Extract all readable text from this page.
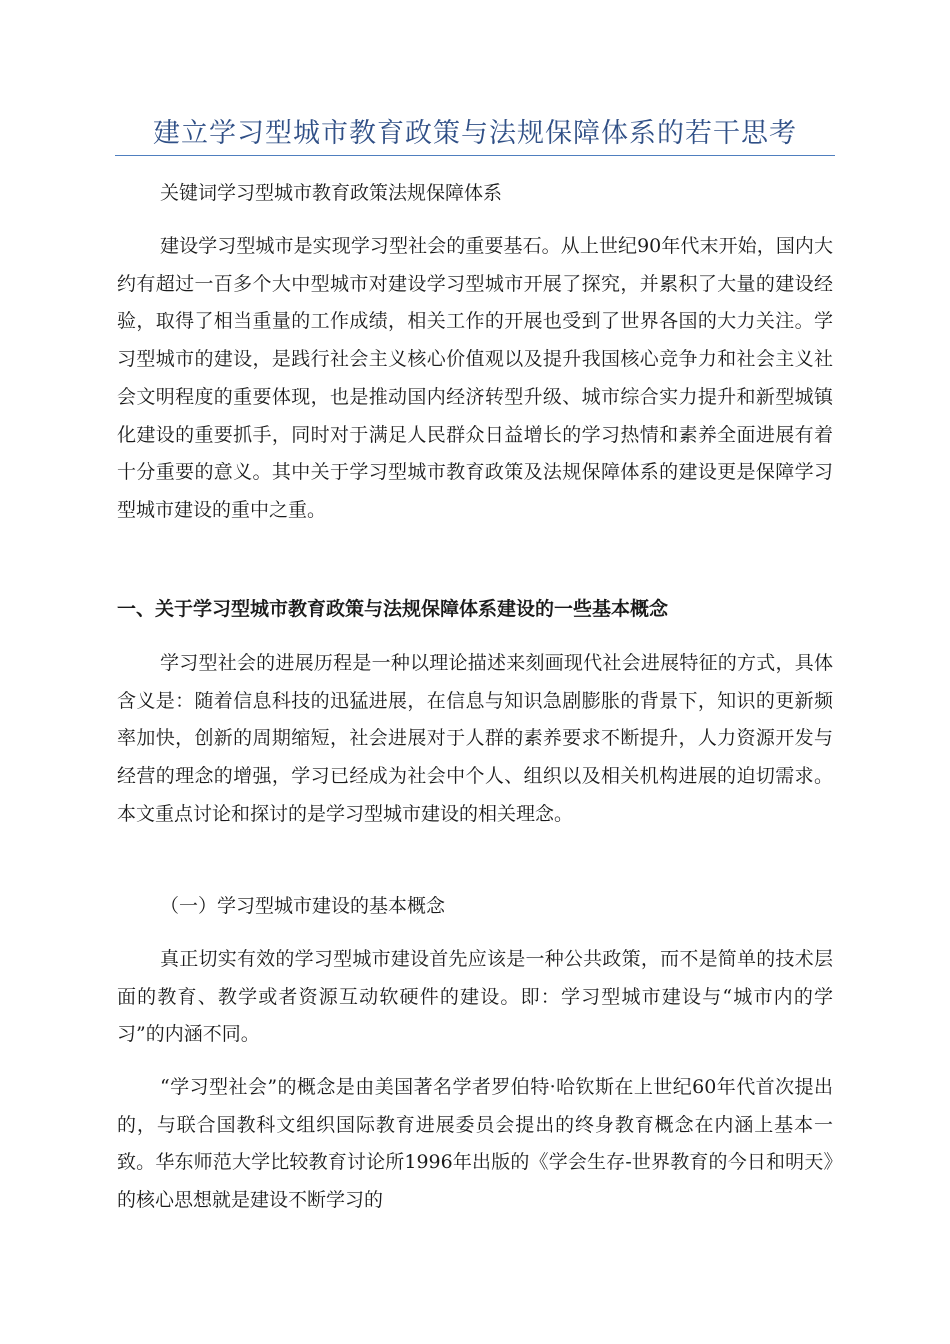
建立学习型城市教育政策与法规保障体系的若干思考

关键词学习型城市教育政策法规保障体系

建设学习型城市是实现学习型社会的重要基石。从上世纪90年代末开始，国内大约有超过一百多个大中型城市对建设学习型城市开展了探究，并累积了大量的建设经验，取得了相当重量的工作成绩，相关工作的开展也受到了世界各国的大力关注。学习型城市的建设，是践行社会主义核心价值观以及提升我国核心竞争力和社会主义社会文明程度的重要体现，也是推动国内经济转型升级、城市综合实力提升和新型城镇化建设的重要抓手，同时对于满足人民群众日益增长的学习热情和素养全面进展有着十分重要的意义。其中关于学习型城市教育政策及法规保障体系的建设更是保障学习型城市建设的重中之重。

一、关于学习型城市教育政策与法规保障体系建设的一些基本概念

学习型社会的进展历程是一种以理论描述来刻画现代社会进展特征的方式，具体含义是：随着信息科技的迅猛进展，在信息与知识急剧膨胀的背景下，知识的更新频率加快，创新的周期缩短，社会进展对于人群的素养要求不断提升，人力资源开发与经营的理念的增强，学习已经成为社会中个人、组织以及相关机构进展的迫切需求。本文重点讨论和探讨的是学习型城市建设的相关理念。

（一）学习型城市建设的基本概念

真正切实有效的学习型城市建设首先应该是一种公共政策，而不是简单的技术层面的教育、教学或者资源互动软硬件的建设。即：学习型城市建设与“城市内的学习”的内涵不同。

“学习型社会”的概念是由美国著名学者罗伯特·哈钦斯在上世纪60年代首次提出的，与联合国教科文组织国际教育进展委员会提出的终身教育概念在内涵上基本一致。华东师范大学比较教育讨论所1996年出版的《学会生存-世界教育的今日和明天》的核心思想就是建设不断学习的
